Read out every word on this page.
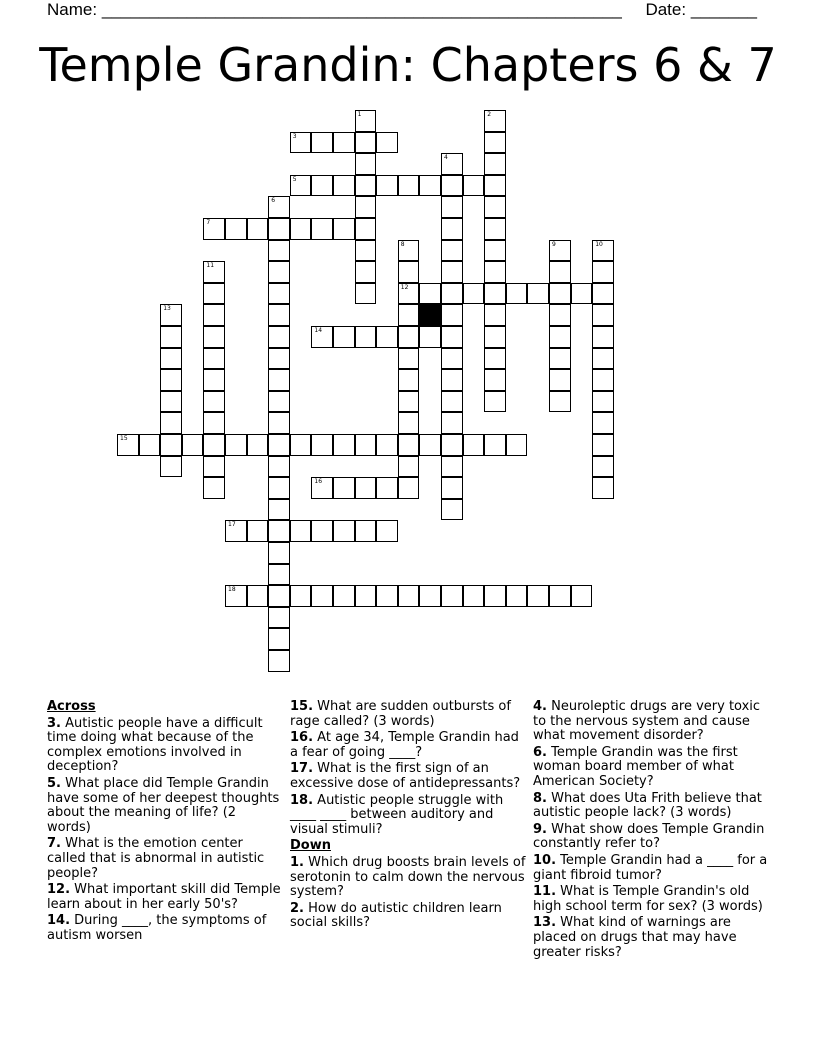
Name: _______________________________________________________ Date: _______
Temple Grandin: Chapters 6 & 7
1	2
3
4
5
6
7
8
12
9	10
11
13
14
15
16
17
18
Across
3. Autistic people have a difficult time doing what because of the complex emotions involved in deception?
5. What place did Temple Grandin have some of her deepest thoughts about the meaning of life? (2 words)
7. What is the emotion center called that is abnormal in autistic people?
12. What important skill did Temple learn about in her early 50's?
14. During ____, the symptoms of autism worsen
15. What are sudden outbursts of rage called? (3 words)
16. At age 34, Temple Grandin had a fear of going ____?
17. What is the first sign of an excessive dose of antidepressants?
18. Autistic people struggle with ____ ____ between auditory and visual stimuli?
Down
1. Which drug boosts brain levels of serotonin to calm down the nervous system?
2. How do autistic children learn social skills?
4. Neuroleptic drugs are very toxic to the nervous system and cause what movement disorder?
6. Temple Grandin was the first woman board member of what American Society?
8. What does Uta Frith believe that autistic people lack? (3 words)
9. What show does Temple Grandin constantly refer to?
10. Temple Grandin had a ____ for a giant fibroid tumor?
11. What is Temple Grandin's old high school term for sex? (3 words)
13. What kind of warnings are placed on drugs that may have greater risks?
